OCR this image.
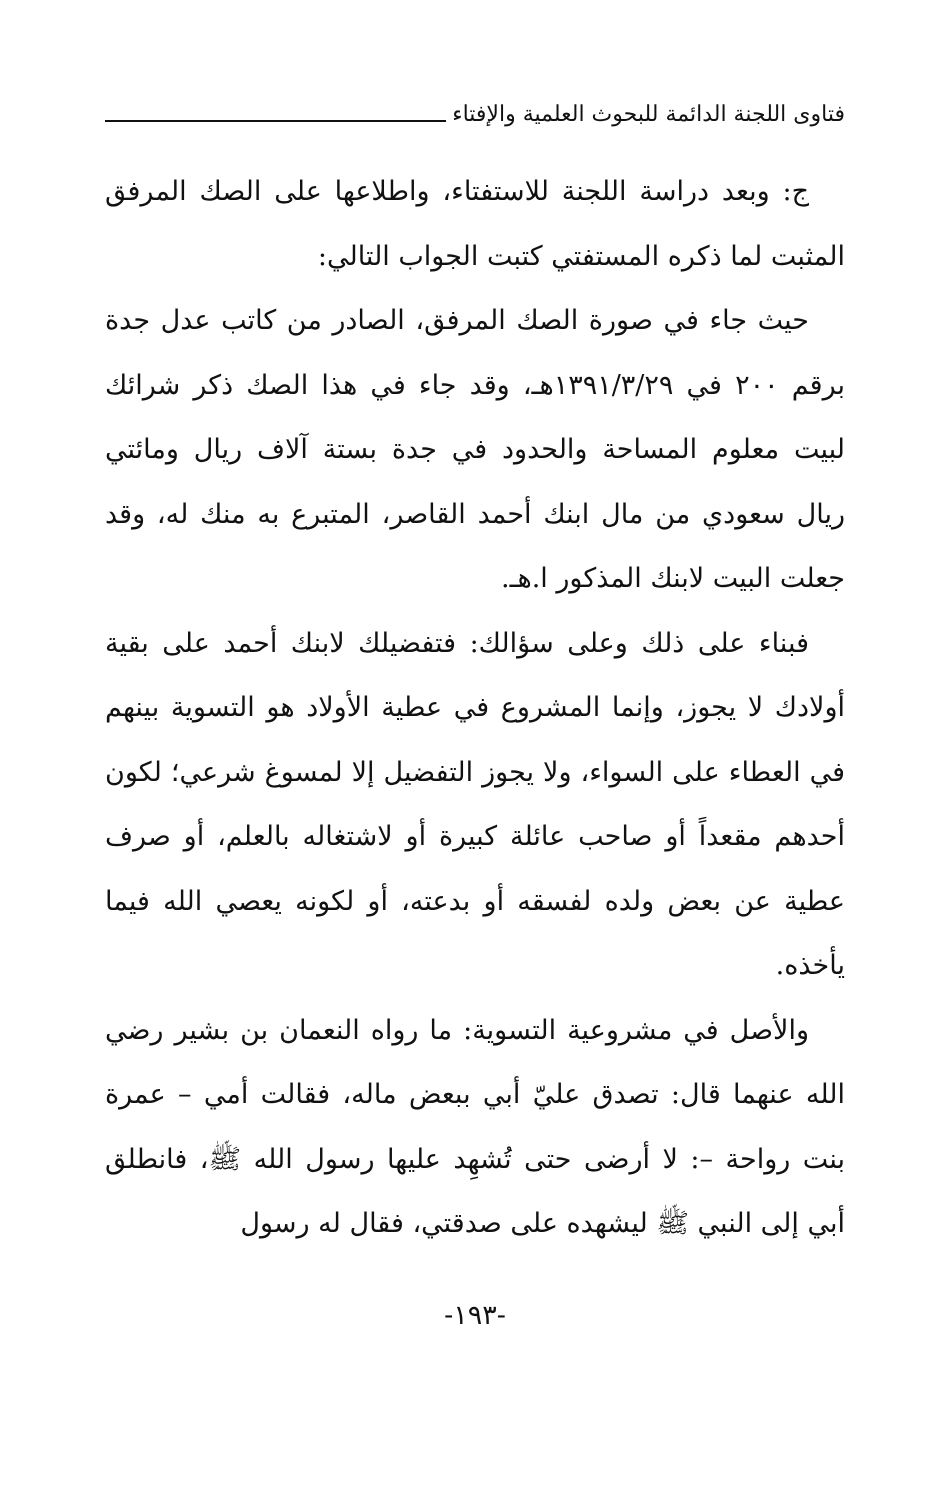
فتاوى اللجنة الدائمة للبحوث العلمية والإفتاء

ج: وبعد دراسة اللجنة للاستفتاء، واطلاعها على الصك المرفق المثبت لما ذكره المستفتي كتبت الجواب التالي:

حيث جاء في صورة الصك المرفق، الصادر من كاتب عدل جدة برقم ٢٠٠ في ١٣٩١/٣/٢٩هـ، وقد جاء في هذا الصك ذكر شرائك لبيت معلوم المساحة والحدود في جدة بستة آلاف ريال ومائتي ريال سعودي من مال ابنك أحمد القاصر، المتبرع به منك له، وقد جعلت البيت لابنك المذكور ا.هـ.

فبناء على ذلك وعلى سؤالك: فتفضيلك لابنك أحمد على بقية أولادك لا يجوز، وإنما المشروع في عطية الأولاد هو التسوية بينهم في العطاء على السواء، ولا يجوز التفضيل إلا لمسوغ شرعي؛ لكون أحدهم مقعداً أو صاحب عائلة كبيرة أو لاشتغاله بالعلم، أو صرف عطية عن بعض ولده لفسقه أو بدعته، أو لكونه يعصي الله فيما يأخذه.

والأصل في مشروعية التسوية: ما رواه النعمان بن بشير رضي الله عنهما قال: تصدق عليّ أبي ببعض ماله، فقالت أمي – عمرة بنت رواحة –: لا أرضى حتى تُشهِد عليها رسول الله ﷺ، فانطلق أبي إلى النبي ﷺ ليشهده على صدقتي، فقال له رسول

-١٩٣-
